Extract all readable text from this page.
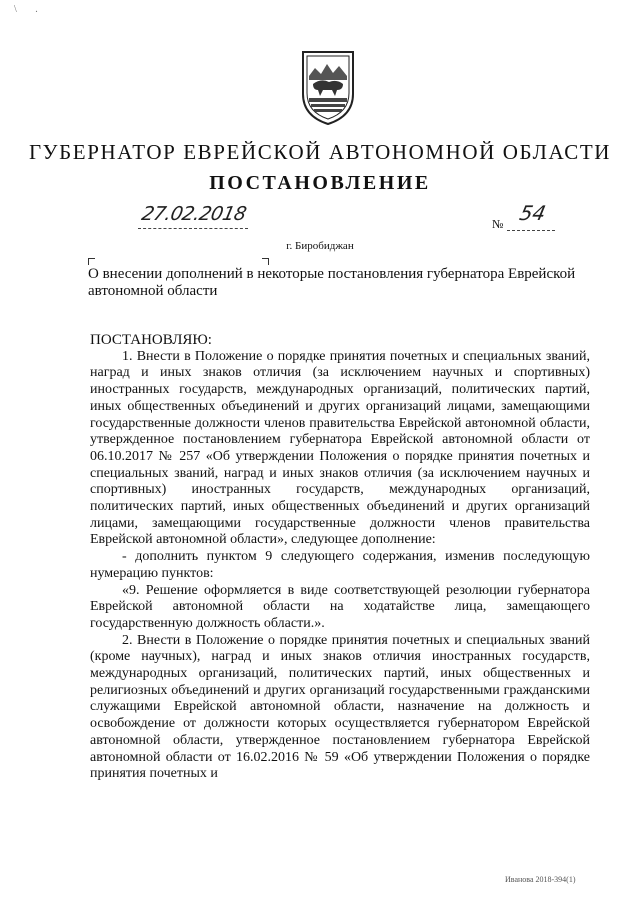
\ .
ГУБЕРНАТОР ЕВРЕЙСКОЙ АВТОНОМНОЙ ОБЛАСТИ
ПОСТАНОВЛЕНИЕ
27.02.2018	№ 54
г. Биробиджан
О внесении дополнений в некоторые постановления губернатора Еврейской автономной области

ПОСТАНОВЛЯЮ:

1. Внести в Положение о порядке принятия почетных и специальных званий, наград и иных знаков отличия (за исключением научных и спортивных) иностранных государств, международных организаций, политических партий, иных общественных объединений и других организаций лицами, замещающими государственные должности членов правительства Еврейской автономной области, утвержденное постановлением губернатора Еврейской автономной области от 06.10.2017 № 257 «Об утверждении Положения о порядке принятия почетных и специальных званий, наград и иных знаков отличия (за исключением научных и спортивных) иностранных государств, международных организаций, политических партий, иных общественных объединений и других организаций лицами, замещающими государственные должности членов правительства Еврейской автономной области», следующее дополнение:

- дополнить пунктом 9 следующего содержания, изменив последующую нумерацию пунктов:

«9. Решение оформляется в виде соответствующей резолюции губернатора Еврейской автономной области на ходатайстве лица, замещающего государственную должность области.».

2. Внести в Положение о порядке принятия почетных и специальных званий (кроме научных), наград и иных знаков отличия иностранных государств, международных организаций, политических партий, иных общественных и религиозных объединений и других организаций государственными гражданскими служащими Еврейской автономной области, назначение на должность и освобождение от должности которых осуществляется губернатором Еврейской автономной области, утвержденное постановлением губернатора Еврейской автономной области от 16.02.2016 № 59 «Об утверждении Положения о порядке принятия почетных и

Иванова 2018-394(1)
